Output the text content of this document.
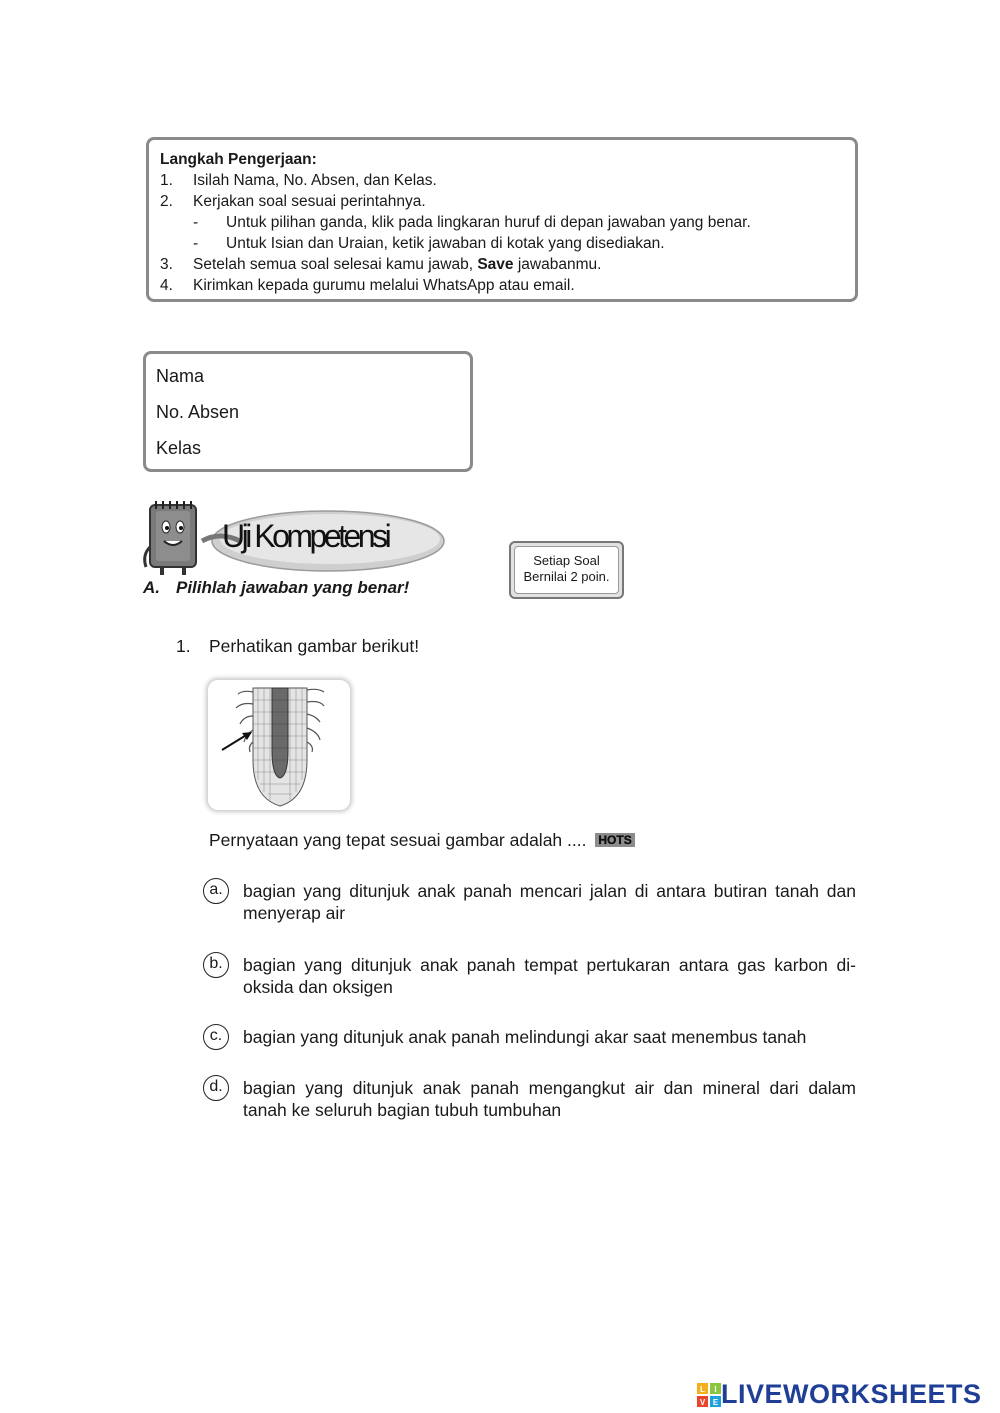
Langkah Pengerjaan:
1.	Isilah Nama, No. Absen, dan Kelas.
2.	Kerjakan soal sesuai perintahnya.
-	Untuk pilihan ganda, klik pada lingkaran huruf di depan jawaban yang benar.
-	Untuk Isian dan Uraian, ketik jawaban di kotak yang disediakan.
3.	Setelah semua soal selesai kamu jawab, Save jawabanmu.
4.	Kirimkan kepada gurumu melalui WhatsApp atau email.
Nama
No. Absen
Kelas
Uji Kompetensi
Setiap Soal
Bernilai 2 poin.
A. Pilihlah jawaban yang benar!
1. Perhatikan gambar berikut!
Pernyataan yang tepat sesuai gambar adalah .... HOTS
a.	bagian yang ditunjuk anak panah mencari jalan di antara butiran tanah dan menyerap air
b.	bagian yang ditunjuk anak panah tempat pertukaran antara gas karbon di-oksida dan oksigen
c.	bagian yang ditunjuk anak panah melindungi akar saat menembus tanah
d.	bagian yang ditunjuk anak panah mengangkut air dan mineral dari dalam tanah ke seluruh bagian tubuh tumbuhan
L I
V E LIVEWORKSHEETS
